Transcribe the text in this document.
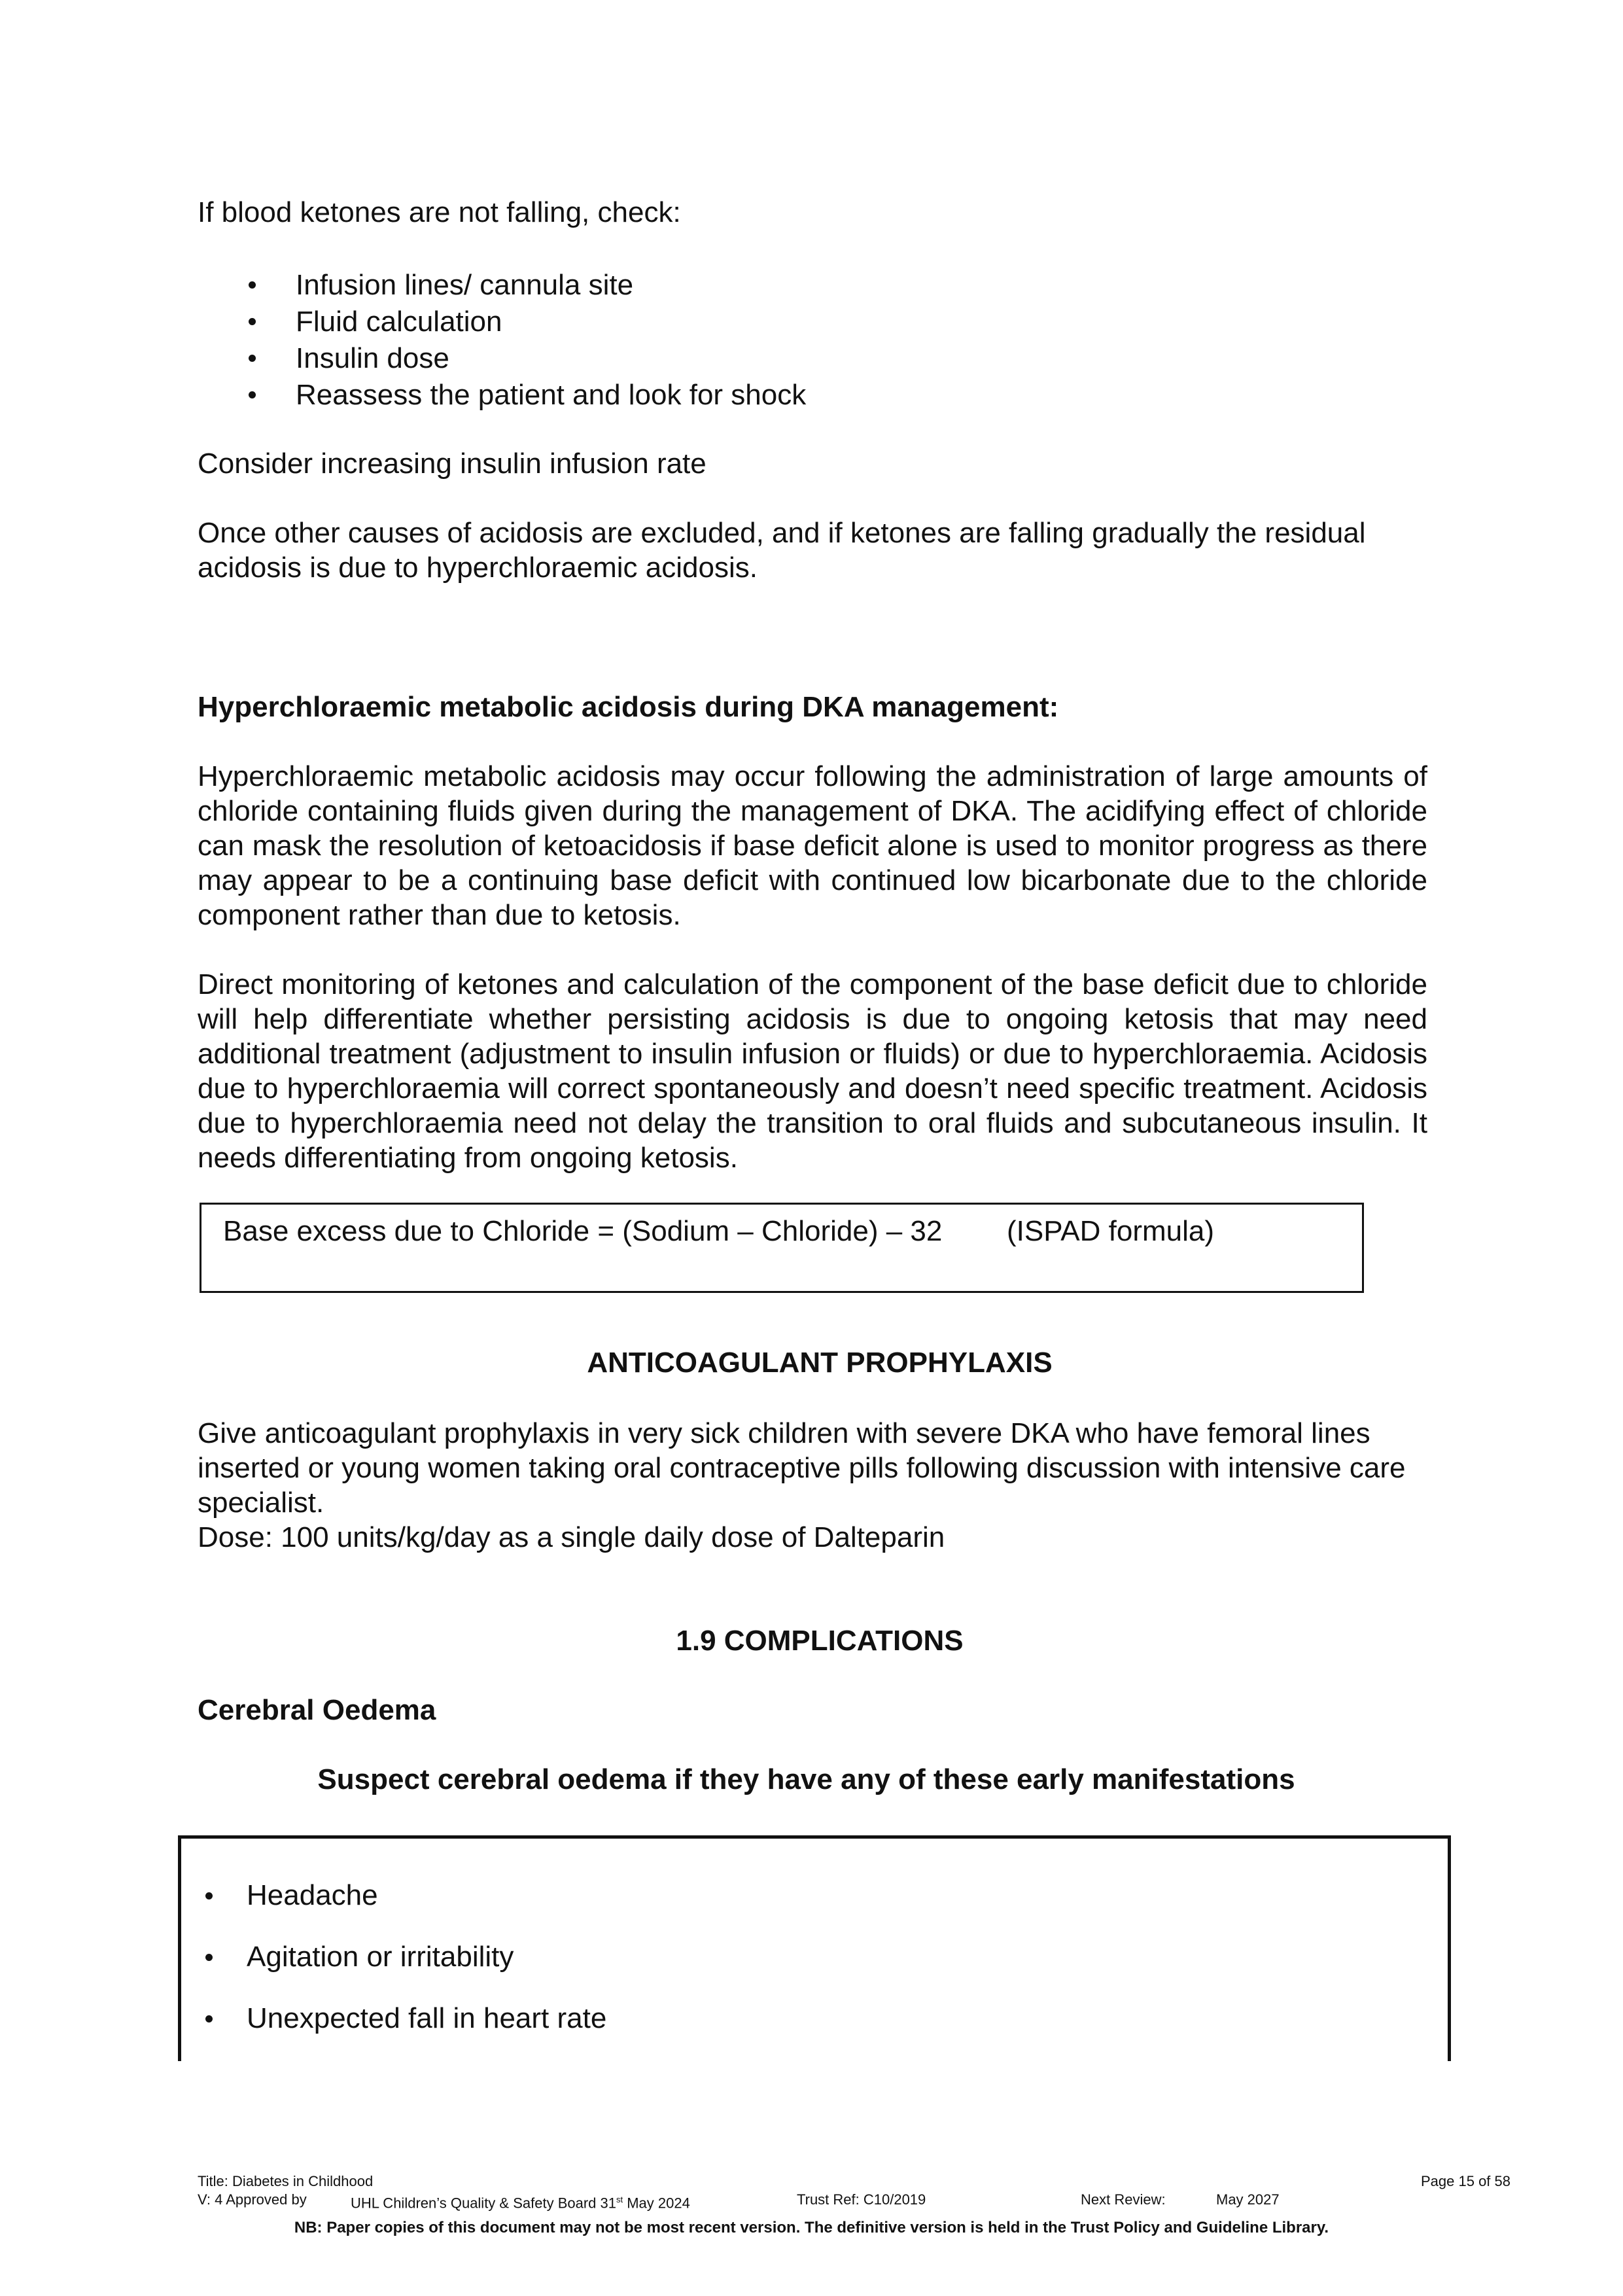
If blood ketones are not falling, check:
Infusion lines/ cannula site
Fluid calculation
Insulin dose
Reassess the patient and look for shock
Consider increasing insulin infusion rate
Once other causes of acidosis are excluded, and if ketones are falling gradually the residual acidosis is due to hyperchloraemic acidosis.
Hyperchloraemic metabolic acidosis during DKA management:
Hyperchloraemic metabolic acidosis may occur following the administration of large amounts of chloride containing fluids given during the management of DKA. The acidifying effect of chloride can mask the resolution of ketoacidosis if base deficit alone is used to monitor progress as there may appear to be a continuing base deficit with continued low bicarbonate due to the chloride component rather than due to ketosis.
Direct monitoring of ketones and calculation of the component of the base deficit due to chloride will help differentiate whether persisting acidosis is due to ongoing ketosis that may need additional treatment (adjustment to insulin infusion or fluids) or due to hyperchloraemia. Acidosis due to hyperchloraemia will correct spontaneously and doesn’t need specific treatment. Acidosis due to hyperchloraemia need not delay the transition to oral fluids and subcutaneous insulin. It needs differentiating from ongoing ketosis.
Base excess due to Chloride = (Sodium – Chloride) – 32 (ISPAD formula)
ANTICOAGULANT PROPHYLAXIS
Give anticoagulant prophylaxis in very sick children with severe DKA who have femoral lines inserted or young women taking oral contraceptive pills following discussion with intensive care specialist.
Dose: 100 units/kg/day as a single daily dose of Dalteparin
1.9 COMPLICATIONS
Cerebral Oedema
Suspect cerebral oedema if they have any of these early manifestations
Headache
Agitation or irritability
Unexpected fall in heart rate
Title: Diabetes in Childhood	Page 15 of 58
V: 4 Approved by	UHL Children’s Quality & Safety Board 31st May 2024	Trust Ref: C10/2019	Next Review:	May 2027
NB: Paper copies of this document may not be most recent version. The definitive version is held in the Trust Policy and Guideline Library.
